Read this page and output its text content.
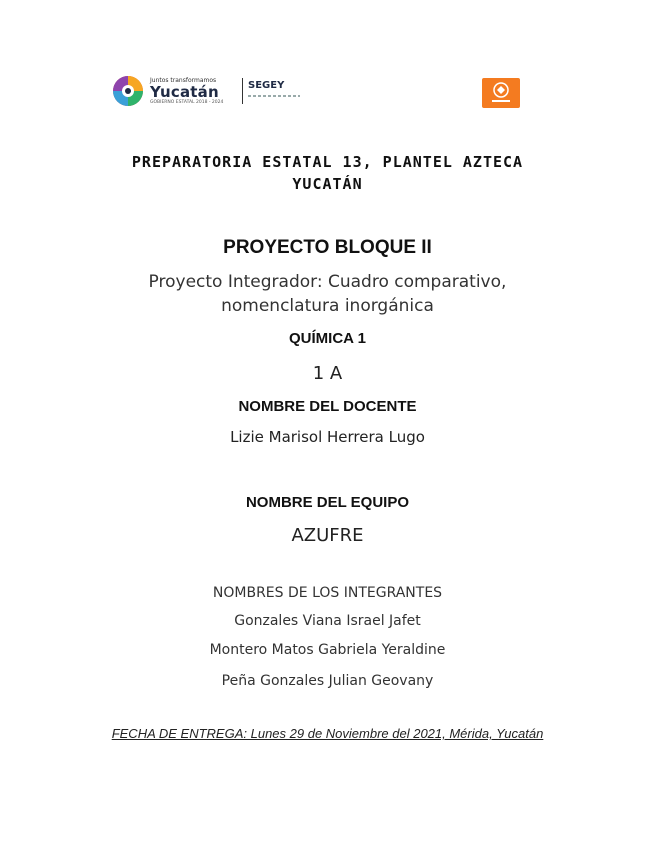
Juntos transformamos
Yucatán
GOBIERNO ESTATAL 2018 - 2024
SEGEY
PREPARATORIA ESTATAL 13, PLANTEL AZTECA
YUCATÁN
PROYECTO BLOQUE II
Proyecto Integrador: Cuadro comparativo,
nomenclatura inorgánica
QUÍMICA 1
1 A
NOMBRE DEL DOCENTE
Lizie Marisol Herrera Lugo
NOMBRE DEL EQUIPO
AZUFRE
NOMBRES DE LOS INTEGRANTES
Gonzales Viana Israel Jafet
Montero Matos Gabriela Yeraldine
Peña Gonzales Julian Geovany
FECHA DE ENTREGA: Lunes 29 de Noviembre del 2021, Mérida, Yucatán
